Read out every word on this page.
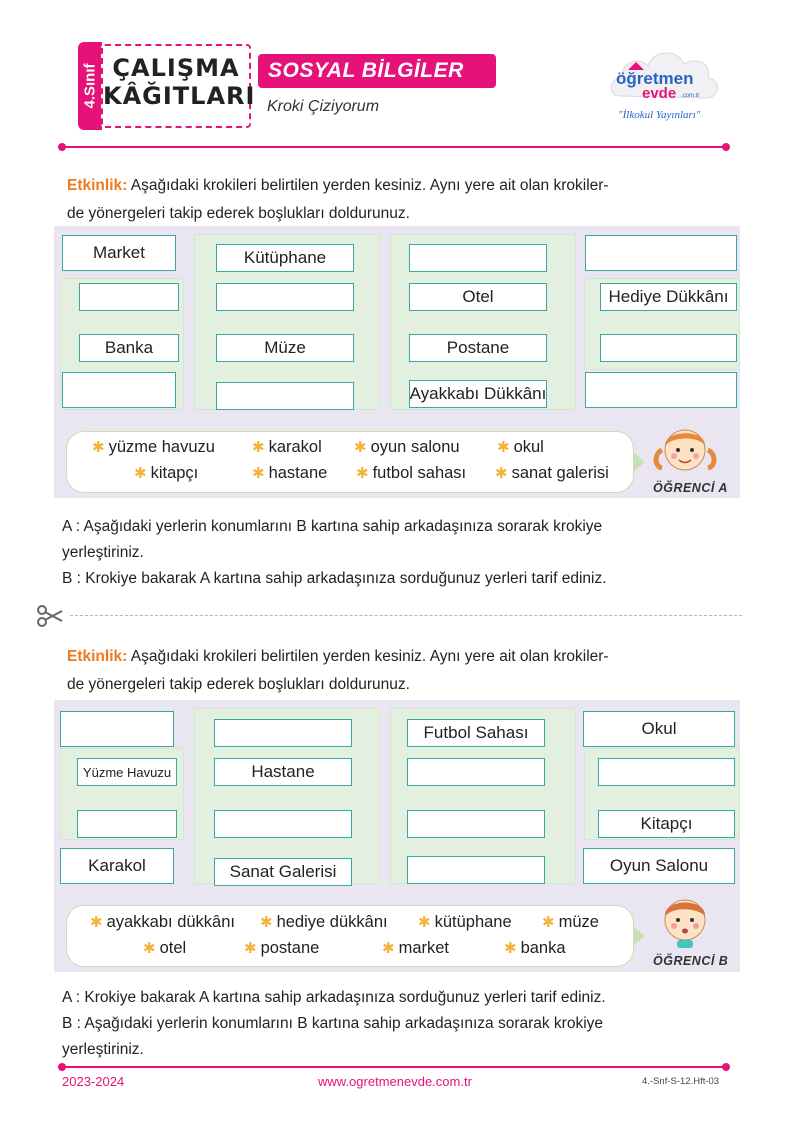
4.Sınıf ÇALIŞMA
KÂĞITLARI
SOSYAL BİLGİLER
Kroki Çiziyorum
öğretmen
evde .com.tr
"İlkokul Yayınları"
Etkinlik: Aşağıdaki krokileri belirtilen yerden kesiniz. Aynı yere ait olan krokiler-
de yönergeleri takip ederek boşlukları doldurunuz.
ÖĞRENCİ A
A : Aşağıdaki yerlerin konumlarını B kartına sahip arkadaşınıza sorarak krokiye
yerleştiriniz.
B : Krokiye bakarak A kartına sahip arkadaşınıza sorduğunuz yerleri tarif ediniz.
Etkinlik: Aşağıdaki krokileri belirtilen yerden kesiniz. Aynı yere ait olan krokiler-
de yönergeleri takip ederek boşlukları doldurunuz.
ÖĞRENCİ B
A : Krokiye bakarak A kartına sahip arkadaşınıza sorduğunuz yerleri tarif ediniz.
B : Aşağıdaki yerlerin konumlarını B kartına sahip arkadaşınıza sorarak krokiye
yerleştiriniz.
2023-2024	www.ogretmenevde.com.tr	4.-Snf-S-12.Hft-03
Market	Kütüphane
Otel	Hediye Dükkânı
Banka	Müze	Postane
Ayakkabı Dükkânı
Futbol Sahası	Okul
Yüzme Havuzu	Hastane
Kitapçı
Karakol	Sanat Galerisi	Oyun Salonu
✱ yüzme havuzu	✱ karakol	✱ oyun salonu	✱ okul
✱ kitapçı	✱ hastane	✱ futbol sahası	✱ sanat galerisi
✱ ayakkabı dükkânı	✱ hediye dükkânı	✱ kütüphane	✱ müze
✱ otel	✱ postane	✱ market	✱ banka
